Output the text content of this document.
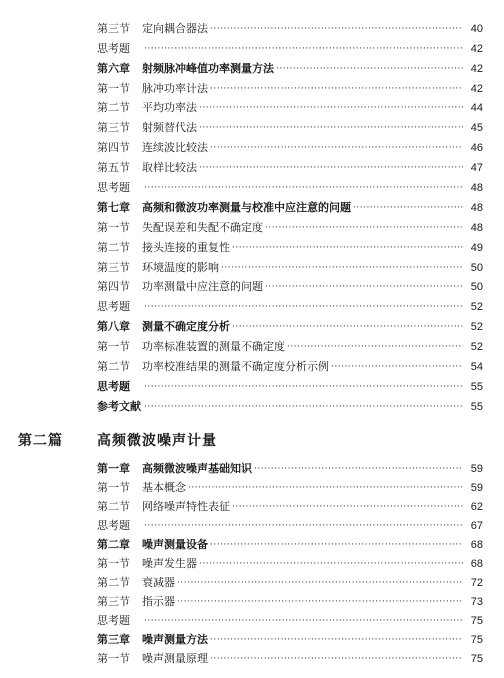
第三节	定向耦合器法 ·····	40
思考题 ·····	42
第六章	射频脉冲峰值功率测量方法 ·····	42
第一节	脉冲功率计法 ·····	42
第二节	平均功率法 ·····	44
第三节	射频替代法 ·····	45
第四节	连续波比较法 ·····	46
第五节	取样比较法 ·····	47
思考题 ·····	48
第七章	高频和微波功率测量与校准中应注意的问题 ·····	48
第一节	失配误差和失配不确定度 ·····	48
第二节	接头连接的重复性 ·····	49
第三节	环境温度的影响 ·····	50
第四节	功率测量中应注意的问题 ·····	50
思考题 ·····	52
第八章	测量不确定度分析 ·····	52
第一节	功率标准装置的测量不确定度 ·····	52
第二节	功率校准结果的测量不确定度分析示例 ·····	54
思考题 ·····	55
参考文献 ·····	55
第二篇	高频微波噪声计量
第一章	高频微波噪声基础知识 ·····	59
第一节	基本概念 ·····	59
第二节	网络噪声特性表征 ·····	62
思考题 ·····	67
第二章	噪声测量设备 ·····	68
第一节	噪声发生器 ·····	68
第二节	衰减器 ·····	72
第三节	指示器 ·····	73
思考题 ·····	75
第三章	噪声测量方法 ·····	75
第一节	噪声测量原理 ·····	75
